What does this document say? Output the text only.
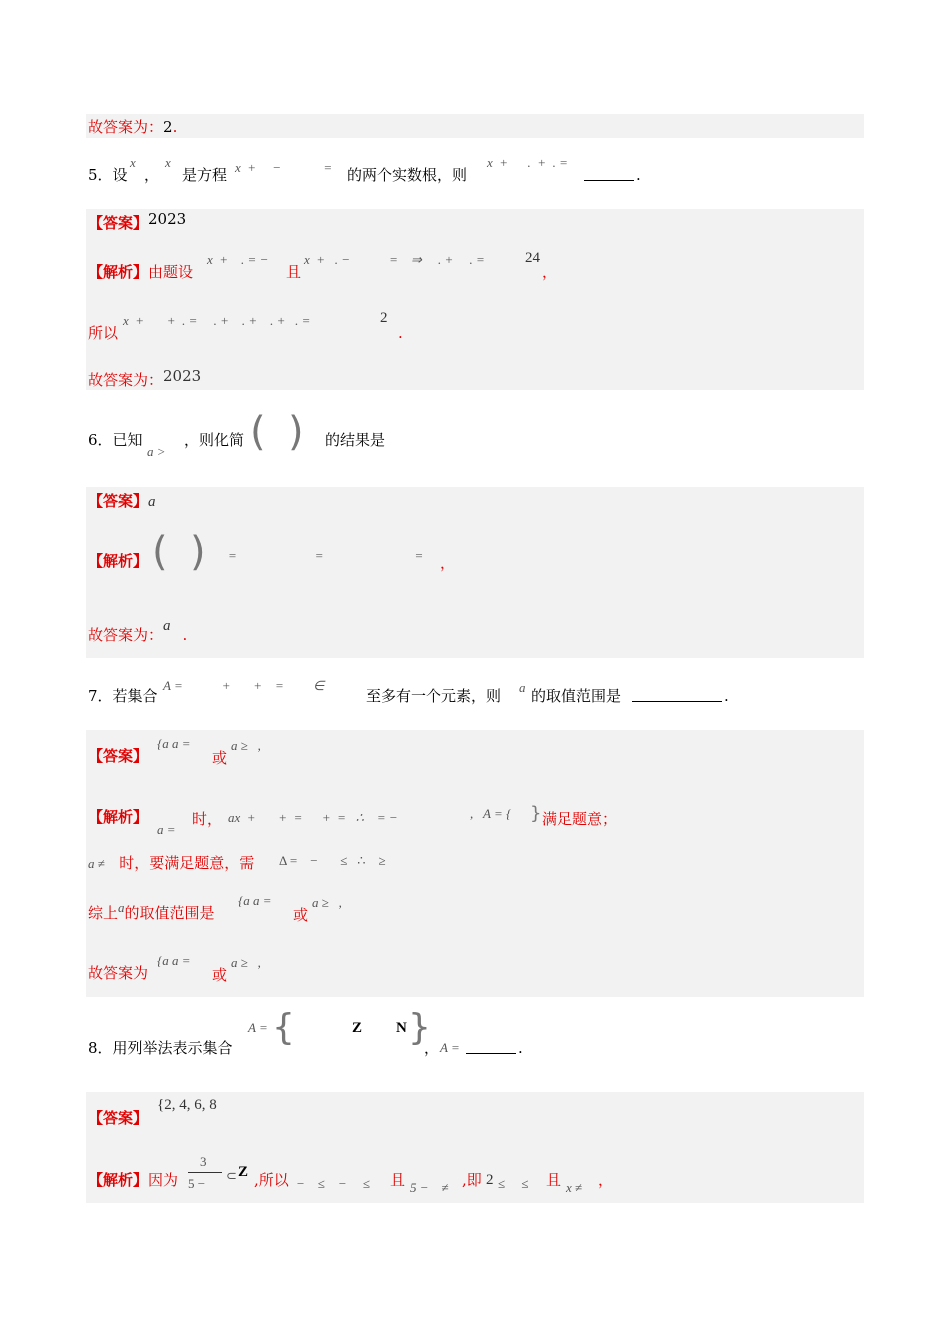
故答案为：2.
5．设
x
，
x
是方程 x  +     −             = 的两个实数根，则
x  +      .  +  . =
.
【答案】2023
【解析】由题设
x  +    . = −
且
x  +   . −            =    ⇒     . +     . =	24
，
所以
x  +       +  . =     . +    . +    . +   . =	2
.
故答案为：2023
6．已知
a >
，则化简 ( ) 的结果是
【答案】a
【解析】 ( ) =                        =                            = ，
故答案为：a .
7．若集合
A =            +       +    =         ∈
至多有一个元素，则 a 的取值范围是	.
【答案】
{a a =
或
a ≥   ,
【解析】
a =
时， ax  +       +  =      +  =   ∴    = −	,   A = { } 满足题意；
a ≠ 时，要满足题意，需 Δ =    −       ≤   ∴    ≥
综上a的取值范围是
{a a =
或
a ≥   ,
故答案为
{a a =
或
a ≥   ,
8．用列举法表示集合
A = {	Z N }
， A =	.
【答案】
{2, 4, 6, 8
【解析】因为
3
5 −
⊂ Z ,所以 −    ≤    −     ≤ 且 5 −    ≠ ,即 2 ≤     ≤ 且 x ≠ ，
